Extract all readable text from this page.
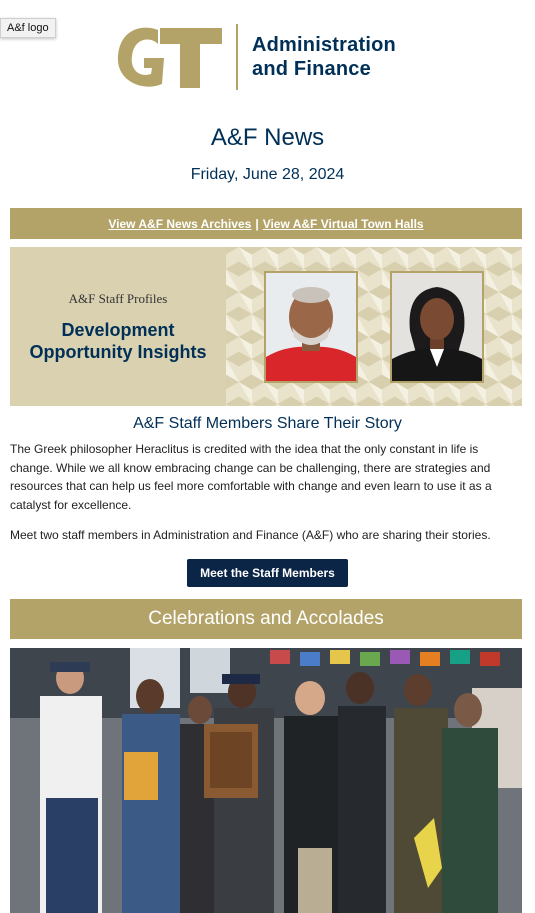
A&f logo
Administration
and Finance
A&F News
Friday, June 28, 2024
View A&F News Archives | View A&F Virtual Town Halls
A&F Staff Profiles
Development
Opportunity Insights
A&F Staff Members Share Their Story

The Greek philosopher Heraclitus is credited with the idea that the only constant in life is change. While we all know embracing change can be challenging, there are strategies and resources that can help us feel more comfortable with change and even learn to use it as a catalyst for excellence.

Meet two staff members in Administration and Finance (A&F) who are sharing their stories.

Meet the Staff Members
Celebrations and Accolades
